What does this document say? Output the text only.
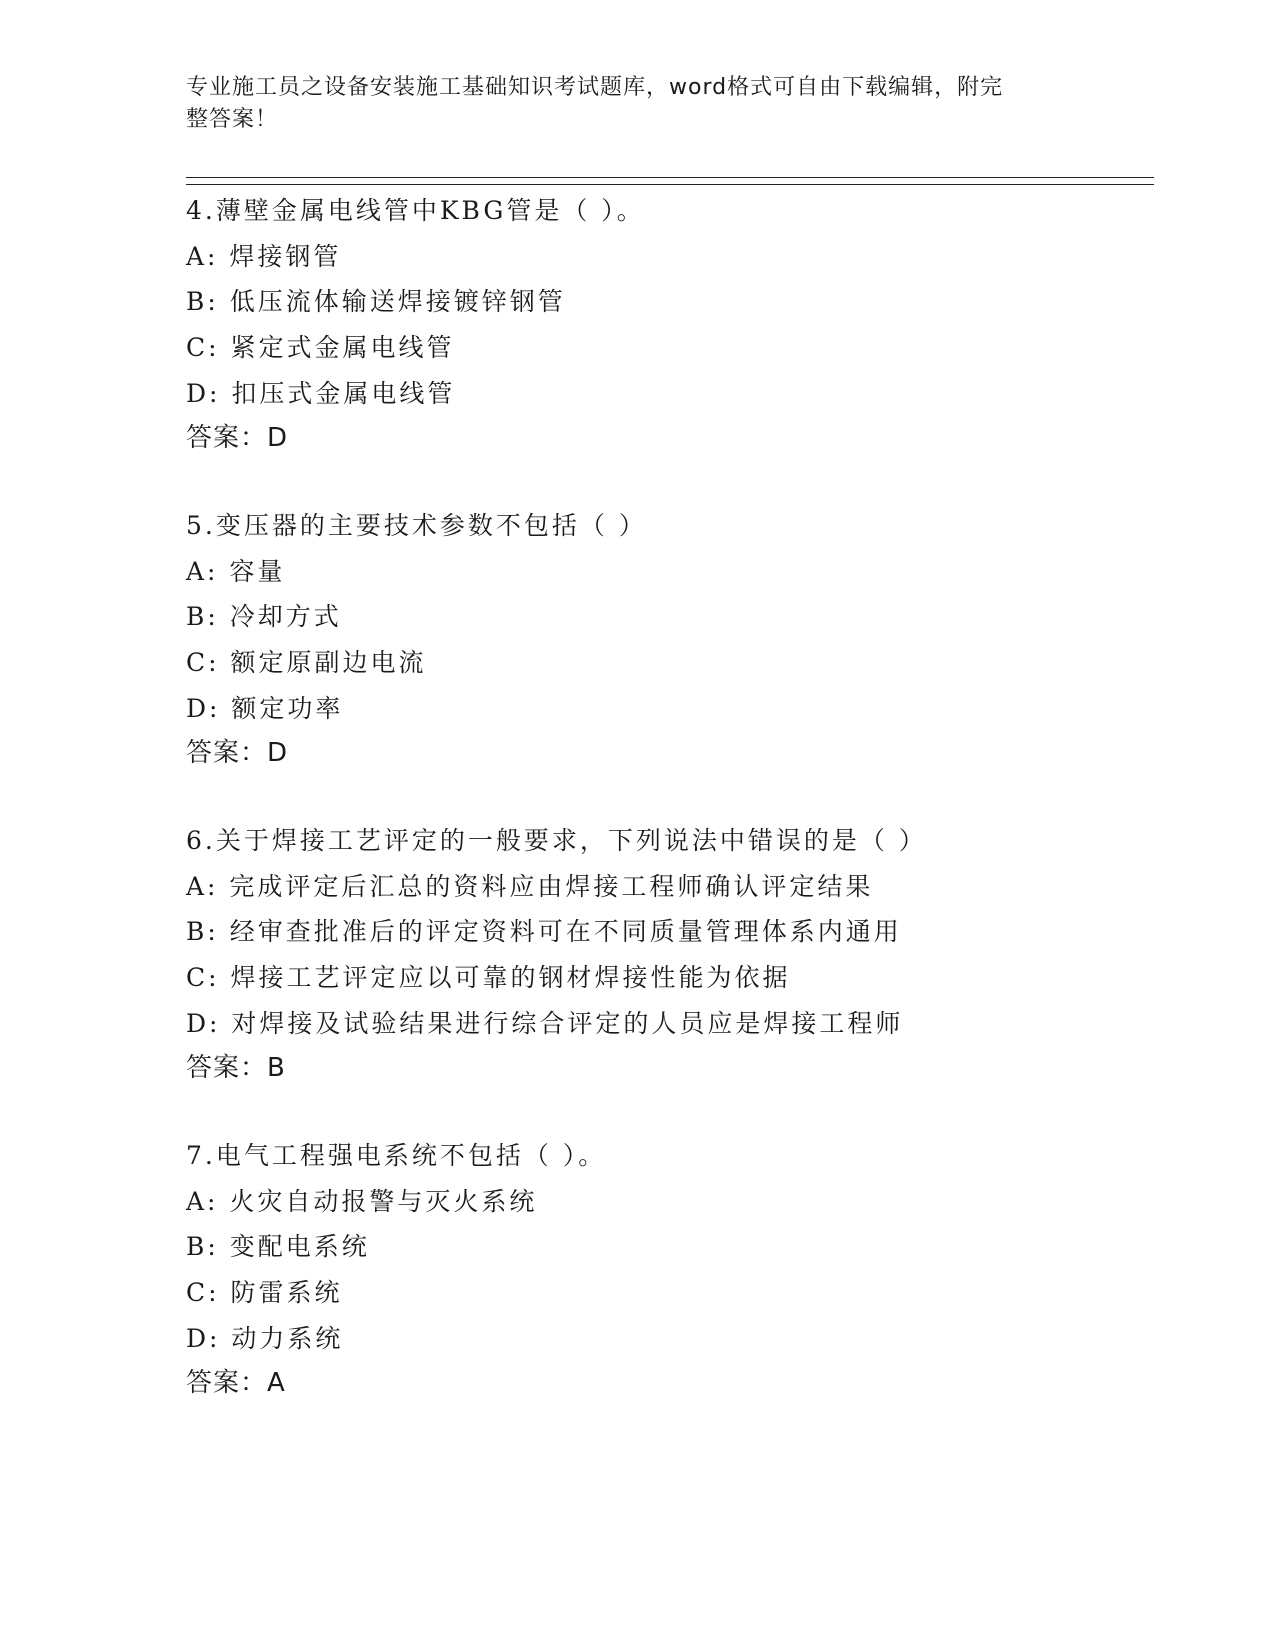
专业施工员之设备安装施工基础知识考试题库，word格式可自由下载编辑，附完
整答案！
4.薄壁金属电线管中KBG管是（ ）。
A: 焊接钢管
B: 低压流体输送焊接镀锌钢管
C: 紧定式金属电线管
D: 扣压式金属电线管
答案：D
5.变压器的主要技术参数不包括（ ）
A: 容量
B: 冷却方式
C: 额定原副边电流
D: 额定功率
答案：D
6.关于焊接工艺评定的一般要求，下列说法中错误的是（ ）
A: 完成评定后汇总的资料应由焊接工程师确认评定结果
B: 经审查批准后的评定资料可在不同质量管理体系内通用
C: 焊接工艺评定应以可靠的钢材焊接性能为依据
D: 对焊接及试验结果进行综合评定的人员应是焊接工程师
答案：B
7.电气工程强电系统不包括（ ）。
A: 火灾自动报警与灭火系统
B: 变配电系统
C: 防雷系统
D: 动力系统
答案：A
